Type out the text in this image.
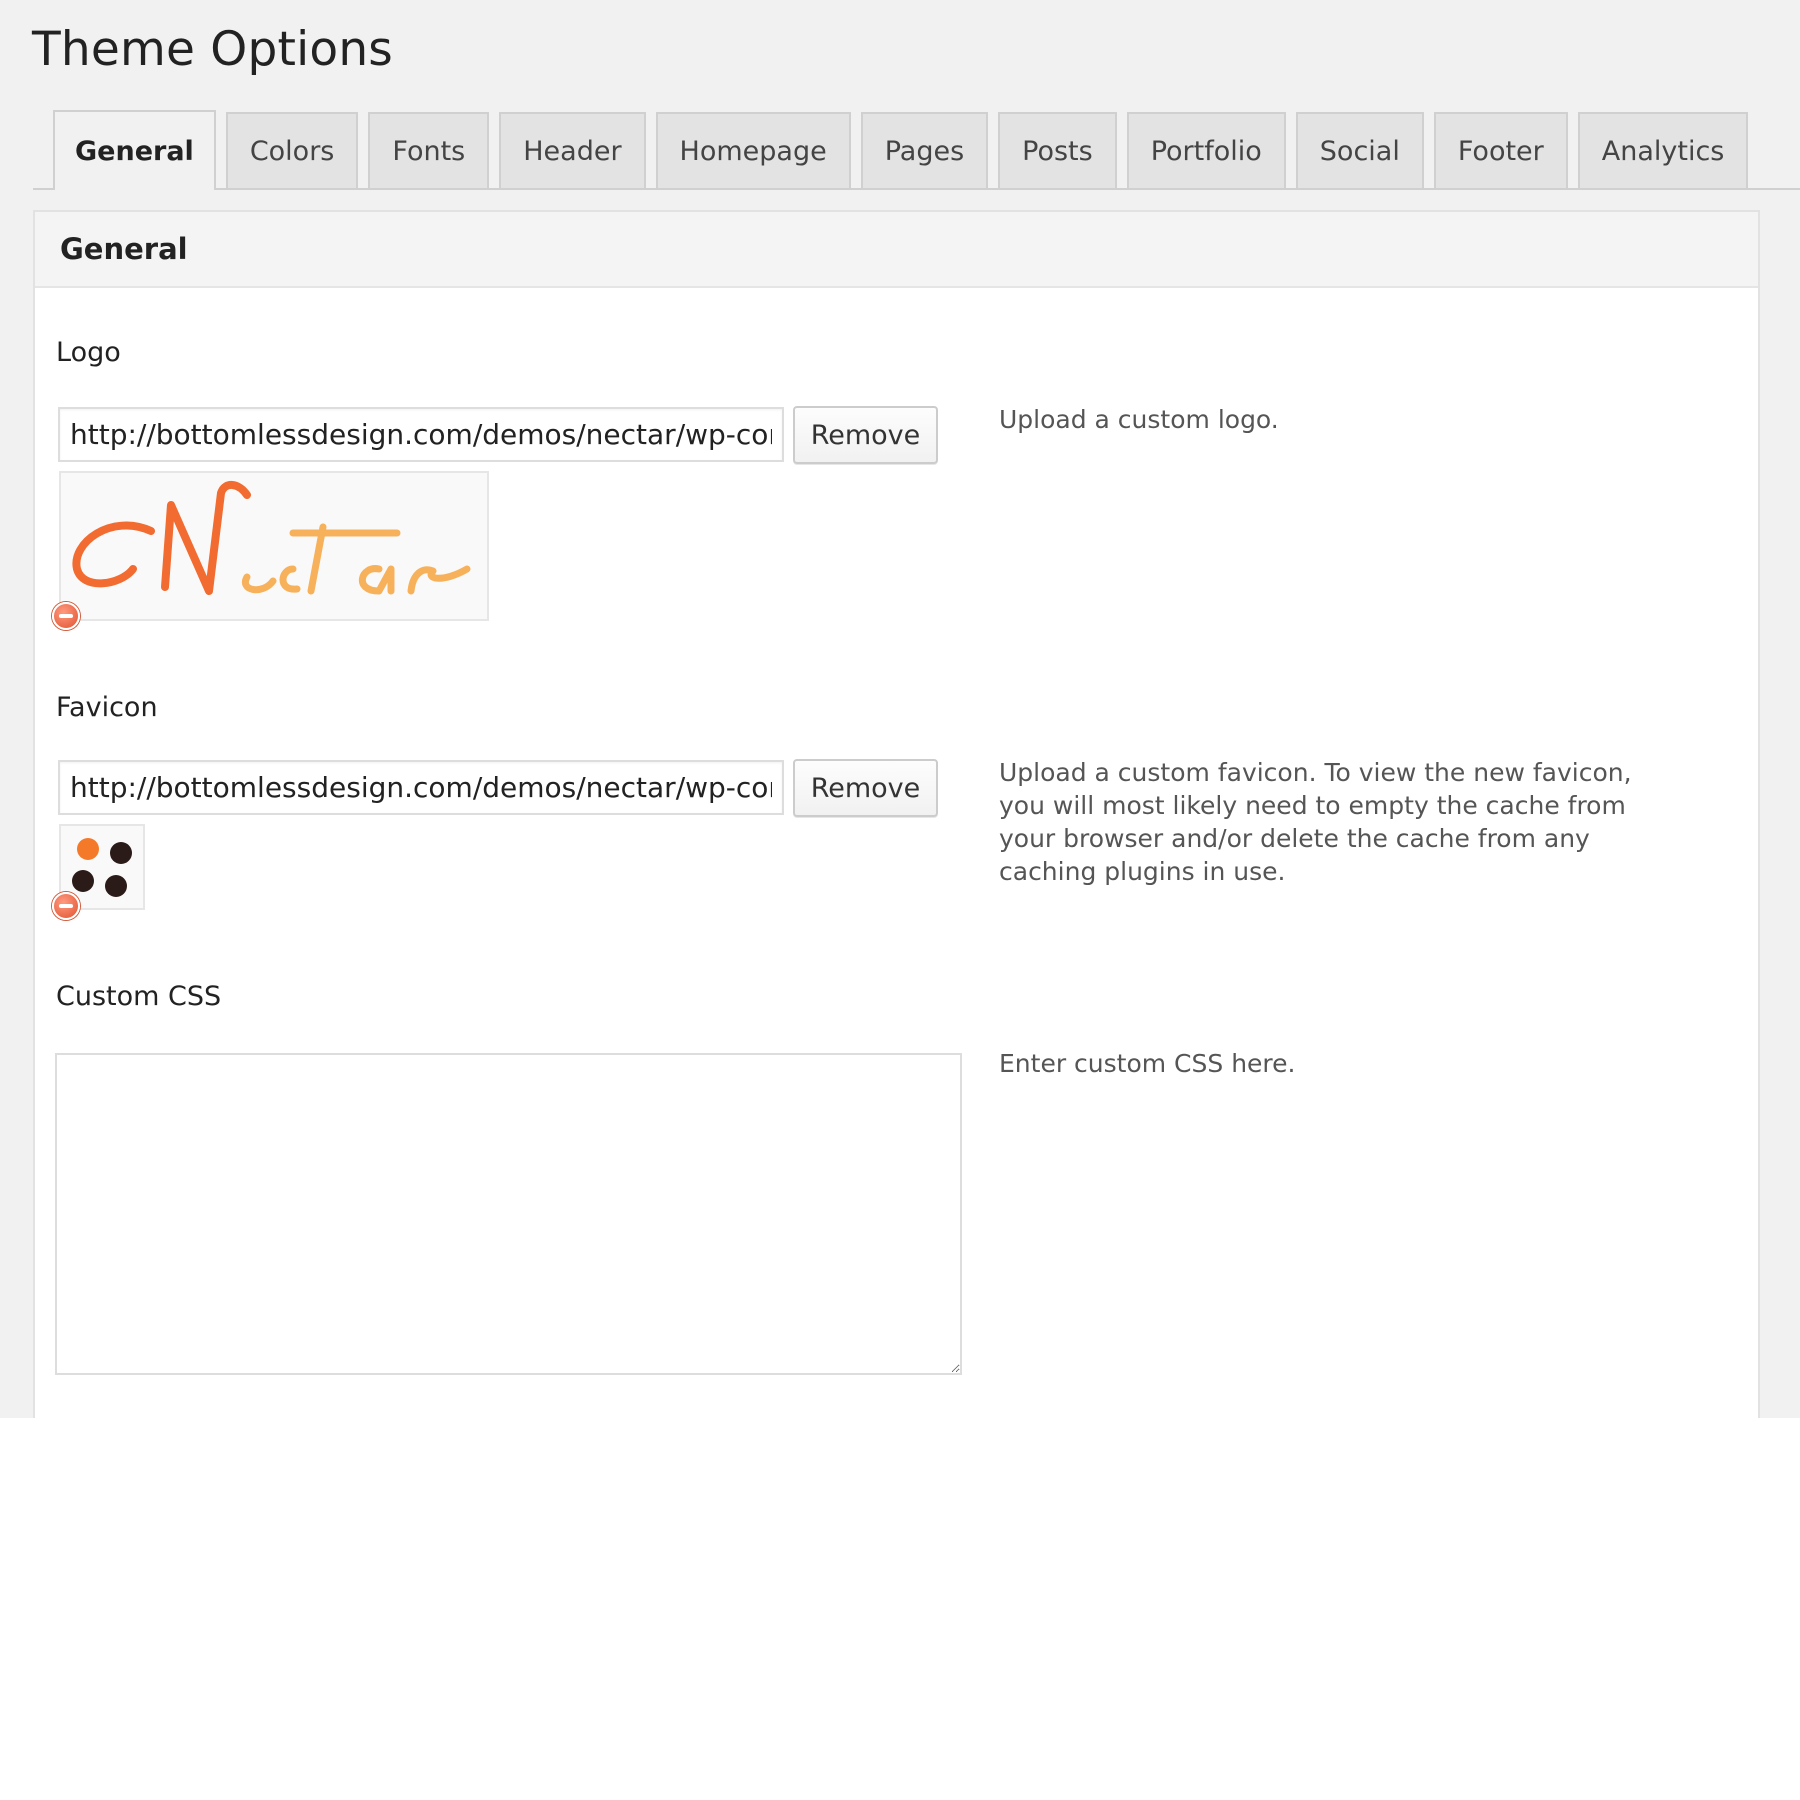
Theme Options
General	Colors	Fonts	Header	Homepage	Pages	Posts	Portfolio	Social	Footer	Analytics
General
Logo
http://bottomlessdesign.com/demos/nectar/wp-con
Remove	Upload a custom logo.
Favicon
http://bottomlessdesign.com/demos/nectar/wp-cor
Remove	Upload a custom favicon. To view the new favicon, you will most likely need to empty the cache from your browser and/or delete the cache from any caching plugins in use.
Custom CSS
Enter custom CSS here.
